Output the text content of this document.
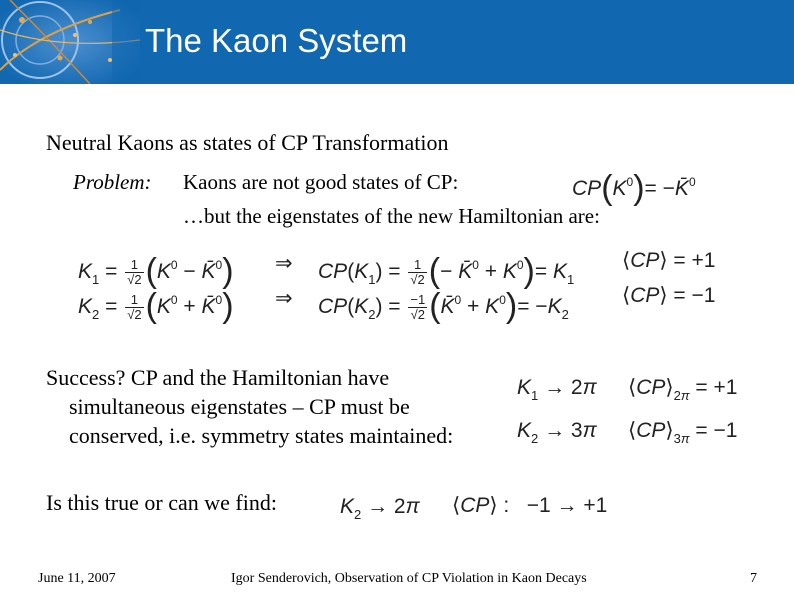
The Kaon System
Neutral Kaons as states of CP Transformation
Problem: Kaons are not good states of CP:
…but the eigenstates of the new Hamiltonian are:
$CP(K^0)=$ −K̄$^0$
$K_1 = \frac{1}{√2} (K^0$ − K̄$^0$) ⇒ $CP(K_1) = \frac{1}{√2}$ (− K̄$^0$ + $K^0)= K_1$
⟨CP⟩ = +1
$K_2 = \frac{1}{√2} (K^0$ + K̄$^0$) ⇒ $CP(K_2) = \frac{-1}{√2}$ (K̄$^0$ + $K^0)= -K_2$
⟨CP⟩ = −1
Success? CP and the Hamiltonian have
simultaneous eigenstates – CP must be
conserved, i.e. symmetry states maintained:
$K_1 \to 2\pi$ $⟨CP⟩_{2\pi} = +1$
$K_2 \to 3\pi$ $⟨CP⟩_{3\pi} = -1$
Is this true or can we find:	$K_2 \to 2\pi$ ⟨CP⟩ :   −1 → +1
June 11, 2007	Igor Senderovich, Observation of CP Violation in Kaon Decays	7
